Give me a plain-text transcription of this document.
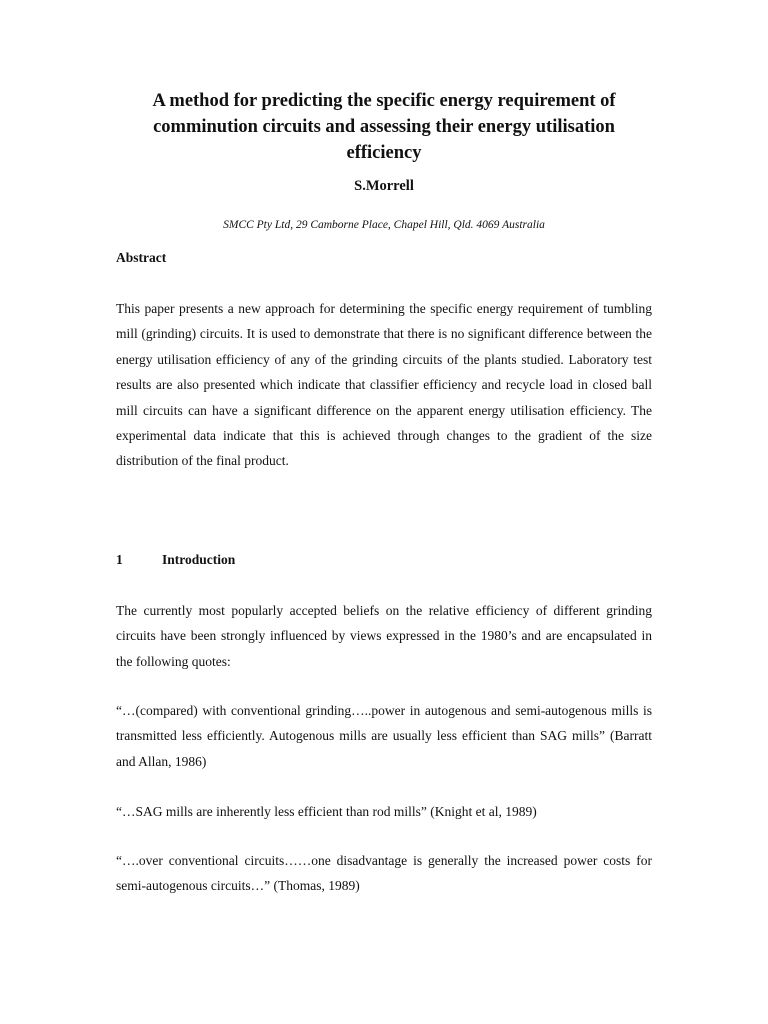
A method for predicting the specific energy requirement of
comminution circuits and assessing their energy utilisation
efficiency

S.Morrell

SMCC Pty Ltd, 29 Camborne Place, Chapel Hill, Qld. 4069 Australia

Abstract

This paper presents a new approach for determining the specific energy requirement of tumbling mill (grinding) circuits. It is used to demonstrate that there is no significant difference between the energy utilisation efficiency of any of the grinding circuits of the plants studied. Laboratory test results are also presented which indicate that classifier efficiency and recycle load in closed ball mill circuits can have a significant difference on the apparent energy utilisation efficiency. The experimental data indicate that this is achieved through changes to the gradient of the size distribution of the final product.

1	Introduction

The currently most popularly accepted beliefs on the relative efficiency of different grinding circuits have been strongly influenced by views expressed in the 1980’s and are encapsulated in the following quotes:

“…(compared) with conventional grinding…..power in autogenous and semi-autogenous mills is transmitted less efficiently. Autogenous mills are usually less efficient than SAG mills” (Barratt and Allan, 1986)

“…SAG mills are inherently less efficient than rod mills” (Knight et al, 1989)

“….over conventional circuits……one disadvantage is generally the increased power costs for semi-autogenous circuits…” (Thomas, 1989)
